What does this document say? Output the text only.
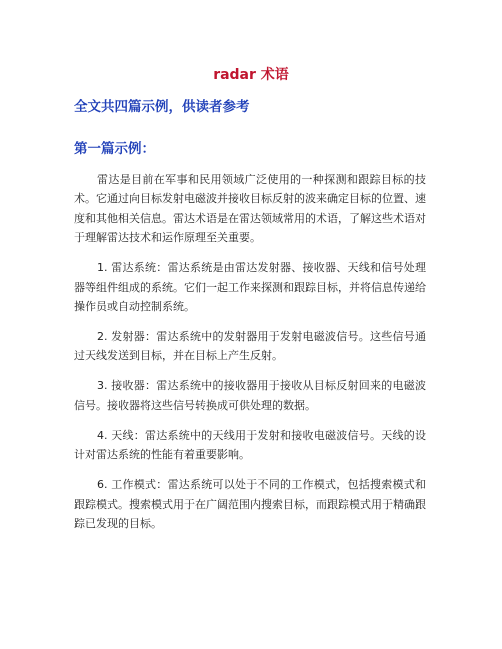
radar 术语
全文共四篇示例，供读者参考
第一篇示例：

雷达是目前在军事和民用领域广泛使用的一种探测和跟踪目标的技术。它通过向目标发射电磁波并接收目标反射的波来确定目标的位置、速度和其他相关信息。雷达术语是在雷达领域常用的术语，了解这些术语对于理解雷达技术和运作原理至关重要。

1. 雷达系统：雷达系统是由雷达发射器、接收器、天线和信号处理器等组件组成的系统。它们一起工作来探测和跟踪目标，并将信息传递给操作员或自动控制系统。

2. 发射器：雷达系统中的发射器用于发射电磁波信号。这些信号通过天线发送到目标，并在目标上产生反射。

3. 接收器：雷达系统中的接收器用于接收从目标反射回来的电磁波信号。接收器将这些信号转换成可供处理的数据。

4. 天线：雷达系统中的天线用于发射和接收电磁波信号。天线的设计对雷达系统的性能有着重要影响。

6. 工作模式：雷达系统可以处于不同的工作模式，包括搜索模式和跟踪模式。搜索模式用于在广阔范围内搜索目标，而跟踪模式用于精确跟踪已发现的目标。
